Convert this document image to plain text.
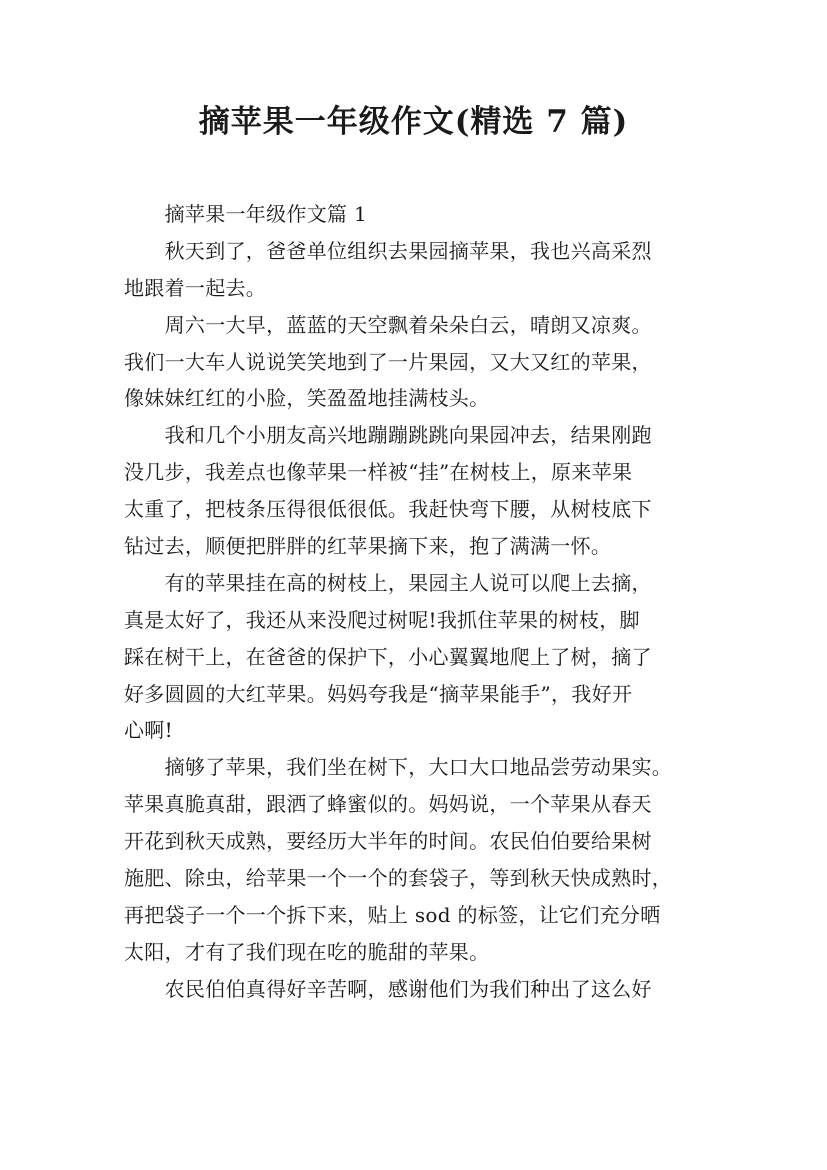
摘苹果一年级作文(精选 7 篇)
　　摘苹果一年级作文篇 1
　　秋天到了，爸爸单位组织去果园摘苹果，我也兴高采烈
地跟着一起去。
　　周六一大早，蓝蓝的天空飘着朵朵白云，晴朗又凉爽。
我们一大车人说说笑笑地到了一片果园，又大又红的苹果，
像妹妹红红的小脸，笑盈盈地挂满枝头。
　　我和几个小朋友高兴地蹦蹦跳跳向果园冲去，结果刚跑
没几步，我差点也像苹果一样被“挂”在树枝上，原来苹果
太重了，把枝条压得很低很低。我赶快弯下腰，从树枝底下
钻过去，顺便把胖胖的红苹果摘下来，抱了满满一怀。
　　有的苹果挂在高的树枝上，果园主人说可以爬上去摘，
真是太好了，我还从来没爬过树呢!我抓住苹果的树枝，脚
踩在树干上，在爸爸的保护下，小心翼翼地爬上了树，摘了
好多圆圆的大红苹果。妈妈夸我是“摘苹果能手”，我好开
心啊!
　　摘够了苹果，我们坐在树下，大口大口地品尝劳动果实。
苹果真脆真甜，跟洒了蜂蜜似的。妈妈说，一个苹果从春天
开花到秋天成熟，要经历大半年的时间。农民伯伯要给果树
施肥、除虫，给苹果一个一个的套袋子，等到秋天快成熟时，
再把袋子一个一个拆下来，贴上 sod 的标签，让它们充分晒
太阳，才有了我们现在吃的脆甜的苹果。
　　农民伯伯真得好辛苦啊，感谢他们为我们种出了这么好
